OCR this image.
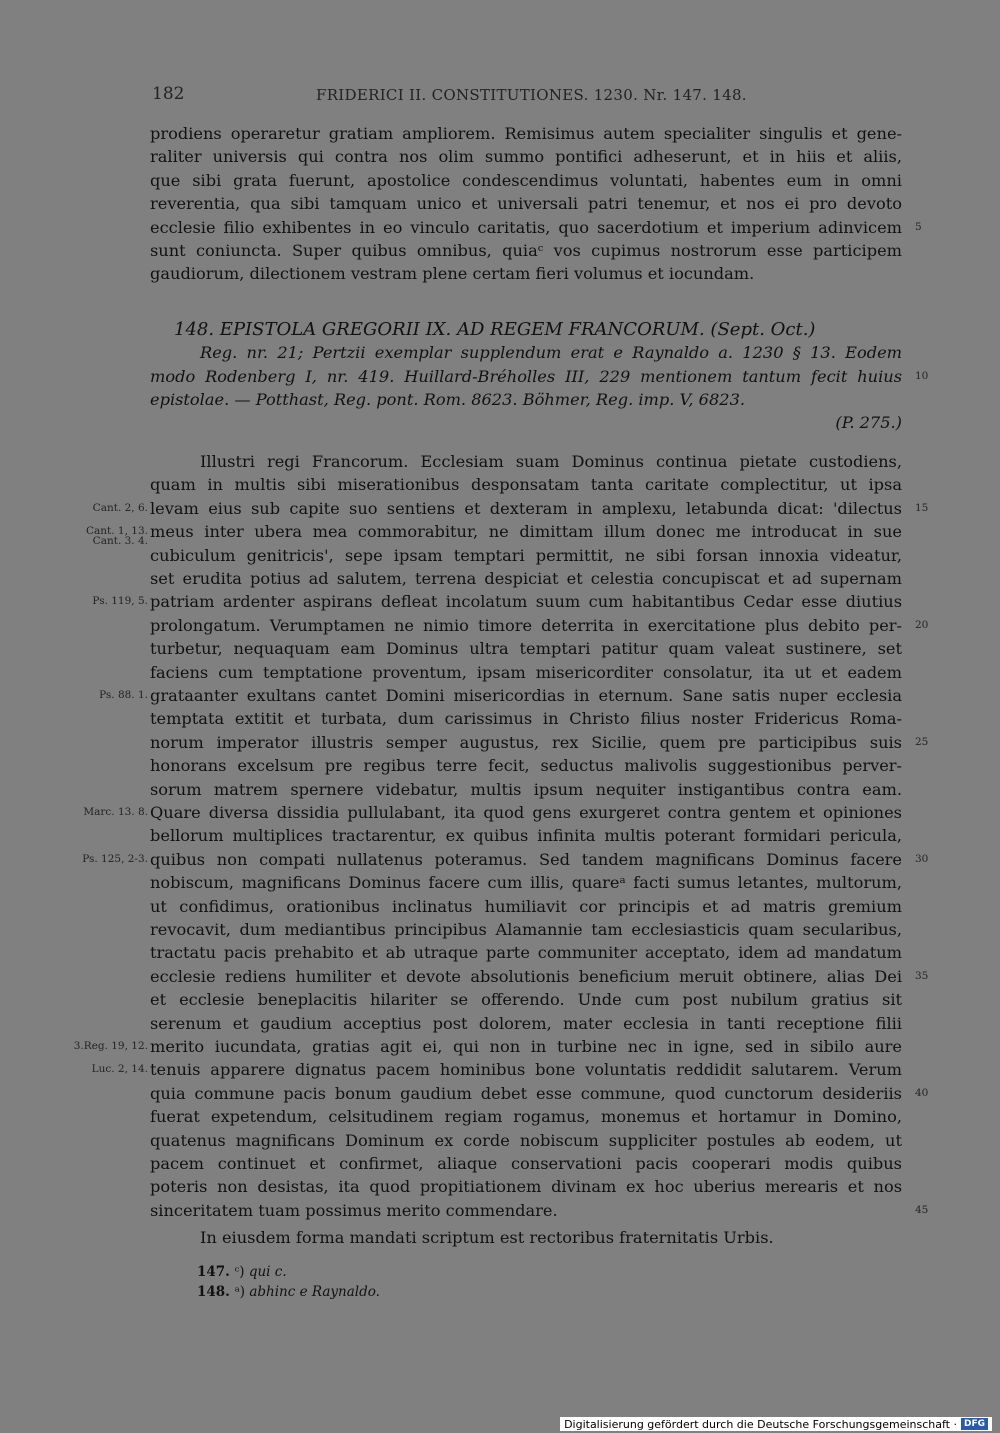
182	FRIDERICI II. CONSTITUTIONES. 1230. Nr. 147. 148.
prodiens operaretur gratiam ampliorem. Remisimus autem specialiter singulis et gene-
raliter universis qui contra nos olim summo pontifici adheserunt, et in hiis et aliis,
que sibi grata fuerunt, apostolice condescendimus voluntati, habentes eum in omni
reverentia, qua sibi tamquam unico et universali patri tenemur, et nos ei pro devoto
ecclesie filio exhibentes in eo vinculo caritatis, quo sacerdotium et imperium adinvicem
sunt coniuncta. Super quibus omnibus, quiaᶜ vos cupimus nostrorum esse participem
gaudiorum, dilectionem vestram plene certam fieri volumus et iocundam.
148. EPISTOLA GREGORII IX. AD REGEM FRANCORUM. (Sept. Oct.)
Reg. nr. 21; Pertzii exemplar supplendum erat e Raynaldo a. 1230 § 13. Eodem
modo Rodenberg I, nr. 419. Huillard-Bréholles III, 229 mentionem tantum fecit huius
epistolae. — Potthast, Reg. pont. Rom. 8623. Böhmer, Reg. imp. V, 6823.
(P. 275.)
Illustri regi Francorum. Ecclesiam suam Dominus continua pietate custodiens,
quam in multis sibi miserationibus desponsatam tanta caritate complectitur, ut ipsa
levam eius sub capite suo sentiens et dexteram in amplexu, letabunda dicat: 'dilectus
meus inter ubera mea commorabitur, ne dimittam illum donec me introducat in sue
cubiculum genitricis', sepe ipsam temptari permittit, ne sibi forsan innoxia videatur,
set erudita potius ad salutem, terrena despiciat et celestia concupiscat et ad supernam
patriam ardenter aspirans defleat incolatum suum cum habitantibus Cedar esse diutius
prolongatum. Verumptamen ne nimio timore deterrita in exercitatione plus debito per-
turbetur, nequaquam eam Dominus ultra temptari patitur quam valeat sustinere, set
faciens cum temptatione proventum, ipsam misericorditer consolatur, ita ut et eadem
grataanter exultans cantet Domini misericordias in eternum. Sane satis nuper ecclesia
temptata extitit et turbata, dum carissimus in Christo filius noster Fridericus Roma-
norum imperator illustris semper augustus, rex Sicilie, quem pre participibus suis
honorans excelsum pre regibus terre fecit, seductus malivolis suggestionibus perver-
sorum matrem spernere videbatur, multis ipsum nequiter instigantibus contra eam.
Quare diversa dissidia pullulabant, ita quod gens exurgeret contra gentem et opiniones
bellorum multiplices tractarentur, ex quibus infinita multis poterant formidari pericula,
quibus non compati nullatenus poteramus. Sed tandem magnificans Dominus facere
nobiscum, magnificans Dominus facere cum illis, quareᵃ facti sumus letantes, multorum,
ut confidimus, orationibus inclinatus humiliavit cor principis et ad matris gremium
revocavit, dum mediantibus principibus Alamannie tam ecclesiasticis quam secularibus,
tractatu pacis prehabito et ab utraque parte communiter acceptato, idem ad mandatum
ecclesie rediens humiliter et devote absolutionis beneficium meruit obtinere, alias Dei
et ecclesie beneplacitis hilariter se offerendo. Unde cum post nubilum gratius sit
serenum et gaudium acceptius post dolorem, mater ecclesia in tanti receptione filii
merito iucundata, gratias agit ei, qui non in turbine nec in igne, sed in sibilo aure
tenuis apparere dignatus pacem hominibus bone voluntatis reddidit salutarem. Verum
quia commune pacis bonum gaudium debet esse commune, quod cunctorum desideriis
fuerat expetendum, celsitudinem regiam rogamus, monemus et hortamur in Domino,
quatenus magnificans Dominum ex corde nobiscum suppliciter postules ab eodem, ut
pacem continuet et confirmet, aliaque conservationi pacis cooperari modis quibus
poteris non desistas, ita quod propitiationem divinam ex hoc uberius merearis et nos
sinceritatem tuam possimus merito commendare.
In eiusdem forma mandati scriptum est rectoribus fraternitatis Urbis.
Cant. 2, 6.
Cant. 1, 13.
Cant. 3. 4.
Ps. 119, 5.
Ps. 88. 1.
Marc. 13. 8.
Ps. 125, 2-3.
3.Reg. 19, 12.
Luc. 2, 14.
5
10
15
20
25
30
35
40
45
147. ᶜ) qui c.
148. ᵃ) abhinc e Raynaldo.
Digitalisierung gefördert durch die Deutsche Forschungsgemeinschaft · DFG
